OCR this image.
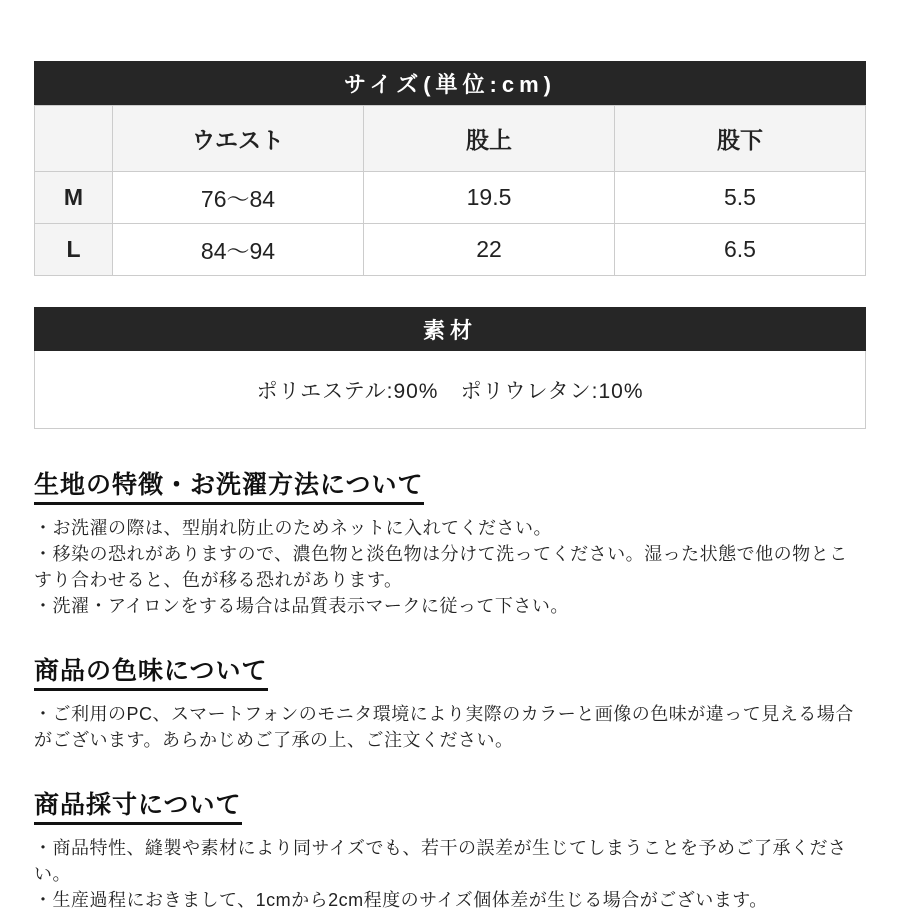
サイズ(単位:cm)
	ウエスト	股上	股下
M	76～84	19.5	5.5
L	84～94	22	6.5
素材
ポリエステル:90%　ポリウレタン:10%
生地の特徴・お洗濯方法について

・お洗濯の際は、型崩れ防止のためネットに入れてください。

・移染の恐れがありますので、濃色物と淡色物は分けて洗ってください。湿った状態で他の物とこすり合わせると、色が移る恐れがあります。

・洗濯・アイロンをする場合は品質表示マークに従って下さい。

商品の色味について

・ご利用のPC、スマートフォンのモニタ環境により実際のカラーと画像の色味が違って見える場合がございます。あらかじめご了承の上、ご注文ください。

商品採寸について

・商品特性、縫製や素材により同サイズでも、若干の誤差が生じてしまうことを予めご了承ください。

・生産過程におきまして、1cmから2cm程度のサイズ個体差が生じる場合がございます。
